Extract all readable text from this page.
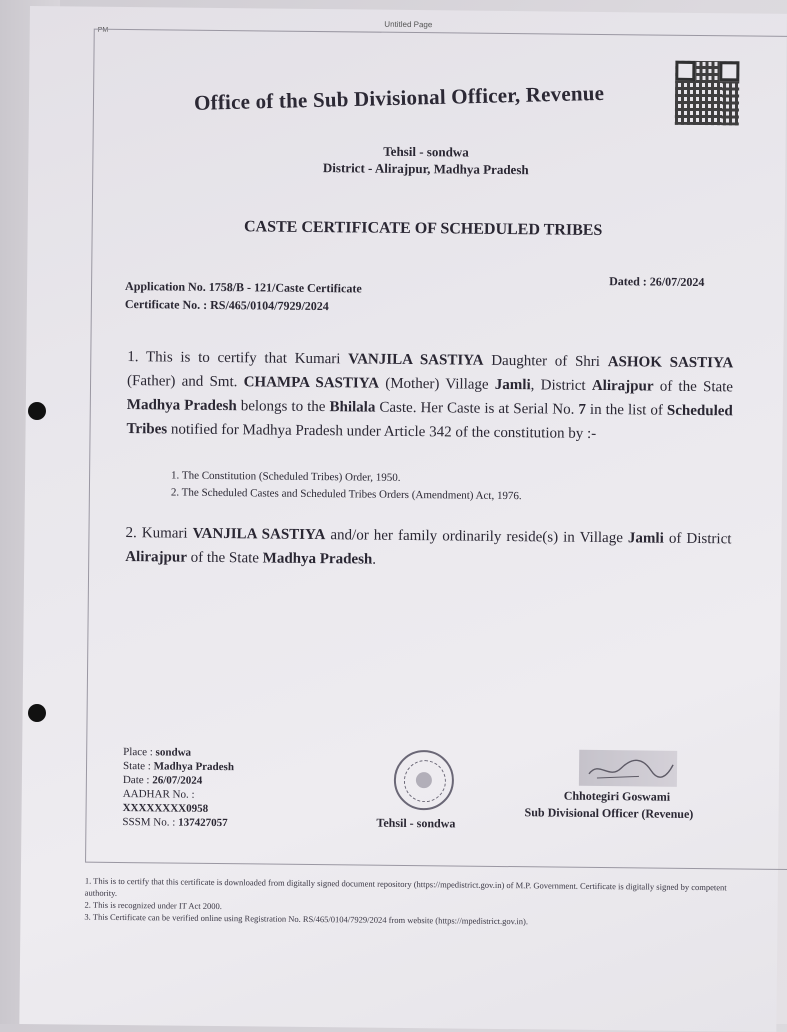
Untitled Page
PM
Office of the Sub Divisional Officer, Revenue
Tehsil - sondwa
District - Alirajpur, Madhya Pradesh
CASTE CERTIFICATE OF SCHEDULED TRIBES
Application No. 1758/B - 121/Caste Certificate
Certificate No. : RS/465/0104/7929/2024
Dated : 26/07/2024
1. This is to certify that Kumari VANJILA SASTIYA Daughter of Shri ASHOK SASTIYA (Father) and Smt. CHAMPA SASTIYA (Mother) Village Jamli, District Alirajpur of the State Madhya Pradesh belongs to the Bhilala Caste. Her Caste is at Serial No. 7 in the list of Scheduled Tribes notified for Madhya Pradesh under Article 342 of the constitution by :-
1. The Constitution (Scheduled Tribes) Order, 1950.
2. The Scheduled Castes and Scheduled Tribes Orders (Amendment) Act, 1976.
2. Kumari VANJILA SASTIYA and/or her family ordinarily reside(s) in Village Jamli of District Alirajpur of the State Madhya Pradesh.
Place : sondwa
State : Madhya Pradesh
Date : 26/07/2024
AADHAR No. :
XXXXXXXX0958
SSSM No. : 137427057	Tehsil - sondwa
Chhotegiri Goswami
Sub Divisional Officer (Revenue)
1. This is to certify that this certificate is downloaded from digitally signed document repository (https://mpedistrict.gov.in) of M.P. Government. Certificate is digitally signed by competent authority.
2. This is recognized under IT Act 2000.
3. This Certificate can be verified online using Registration No. RS/465/0104/7929/2024 from website (https://mpedistrict.gov.in).
